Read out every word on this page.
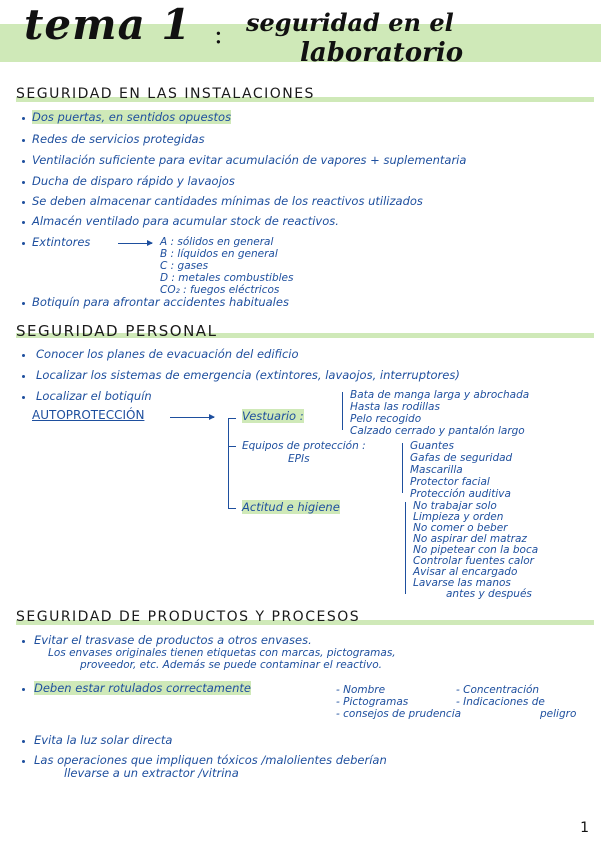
tema 1 : seguridad en el
laboratorio
SEGURIDAD EN LAS INSTALACIONES
Dos puertas, en sentidos opuestos
Redes de servicios protegidas
Ventilación suficiente para evitar acumulación de vapores + suplementaria
Ducha de disparo rápido y lavaojos
Se deben almacenar cantidades mínimas de los reactivos utilizados
Almacén ventilado para acumular stock de reactivos.
Extintores	A : sólidos en general
B : líquidos en general
C : gases
D : metales combustibles
CO₂ : fuegos eléctricos
Botiquín para afrontar accidentes habituales
SEGURIDAD PERSONAL
Conocer los planes de evacuación del edificio
Localizar los sistemas de emergencia (extintores, lavaojos, interruptores)
Localizar el botiquín
AUTOPROTECCIÓN	Vestuario :
Bata de manga larga y abrochada
Hasta las rodillas
Pelo recogido
Calzado cerrado y pantalón largo
Equipos de protección :
EPIs
Guantes
Gafas de seguridad
Mascarilla
Protector facial
Protección auditiva
Actitud e higiene	No trabajar solo
Limpieza y orden
No comer o beber
No aspirar del matraz
No pipetear con la boca
Controlar fuentes calor
Avisar al encargado
Lavarse las manos
antes y después
SEGURIDAD DE PRODUCTOS Y PROCESOS
Evitar el trasvase de productos a otros envases.
Los envases originales tienen etiquetas con marcas, pictogramas,
proveedor, etc. Además se puede contaminar el reactivo.
Deben estar rotulados correctamente	- Nombre	- Concentración
- Pictogramas	- Indicaciones de
- consejos de prudencia	peligro
Evita la luz solar directa
Las operaciones que impliquen tóxicos /malolientes deberían
llevarse a un extractor /vitrina
1
